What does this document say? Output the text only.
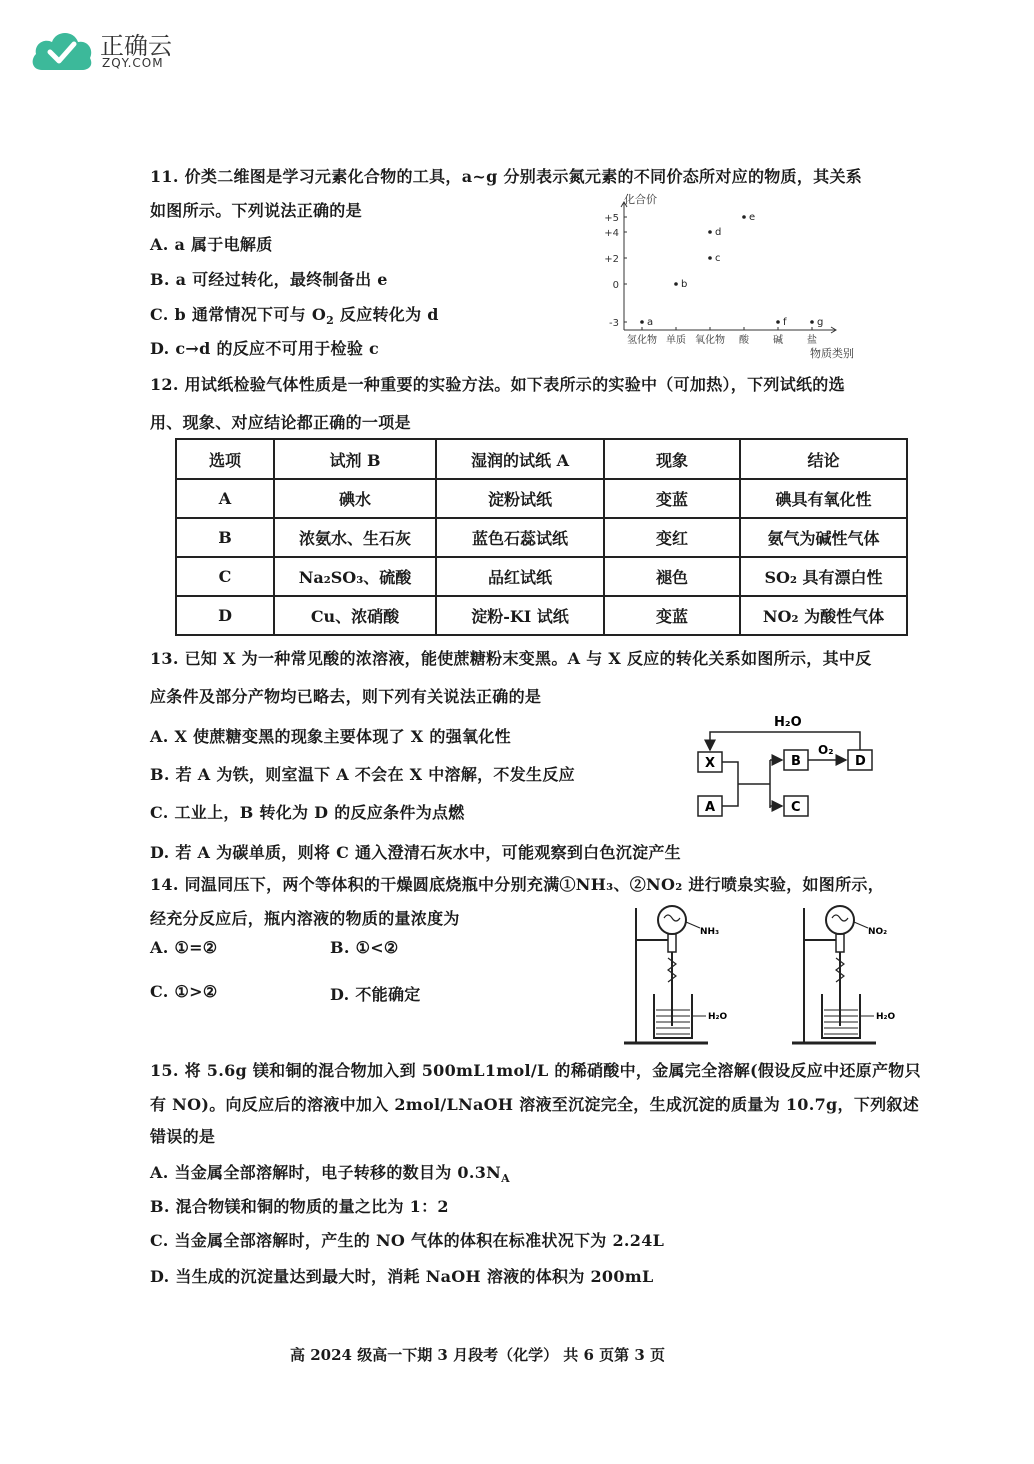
正确云
ZQY.COM
11. 价类二维图是学习元素化合物的工具，a~g 分别表示氮元素的不同价态所对应的物质，其关系
如图所示。下列说法正确的是
A. a 属于电解质
B. a 可经过转化，最终制备出 e
C. b 通常情况下可与 $O_2$ 反应转化为 d
D. c→d 的反应不可用于检验 c
+5
+4
+2
0
-3
氢化物 单质 氧化物 酸 碱 盐
a
b
c
d
e
f	g
化合价
物质类别
12. 用试纸检验气体性质是一种重要的实验方法。如下表所示的实验中（可加热），下列试纸的选
用、现象、对应结论都正确的一项是
选项	试剂 B	湿润的试纸 A	现象	结论
A	碘水	淀粉试纸	变蓝	碘具有氧化性
B	浓氨水、生石灰	蓝色石蕊试纸	变红	氨气为碱性气体
C	Na₂SO₃、硫酸	品红试纸	褪色	SO₂ 具有漂白性
D	Cu、浓硝酸	淀粉-KI 试纸	变蓝	NO₂ 为酸性气体
13. 已知 X 为一种常见酸的浓溶液，能使蔗糖粉末变黑。A 与 X 反应的转化关系如图所示，其中反
应条件及部分产物均已略去，则下列有关说法正确的是
A. X 使蔗糖变黑的现象主要体现了 X 的强氧化性
B. 若 A 为铁，则室温下 A 不会在 X 中溶解，不发生反应
C. 工业上，B 转化为 D 的反应条件为点燃
D. 若 A 为碳单质，则将 C 通入澄清石灰水中，可能观察到白色沉淀产生
H₂O
X
A
B
C
O₂
D
14. 同温同压下，两个等体积的干燥圆底烧瓶中分别充满①NH₃、②NO₂ 进行喷泉实验，如图所示，
经充分反应后，瓶内溶液的物质的量浓度为
A. ①=②	B. ①<②
C. ①>②	D. 不能确定
NH₃
H₂O
NO₂
H₂O
15. 将 5.6g 镁和铜的混合物加入到 500mL1mol/L 的稀硝酸中，金属完全溶解(假设反应中还原产物只
有 NO)。向反应后的溶液中加入 2mol/LNaOH 溶液至沉淀完全，生成沉淀的质量为 10.7g，下列叙述
错误的是
A. 当金属全部溶解时，电子转移的数目为 $0.3N_A$
B. 混合物镁和铜的物质的量之比为 1：2
C. 当金属全部溶解时，产生的 NO 气体的体积在标准状况下为 2.24L
D. 当生成的沉淀量达到最大时，消耗 NaOH 溶液的体积为 200mL
高 2024 级高一下期 3 月段考（化学） 共 6 页第 3 页
